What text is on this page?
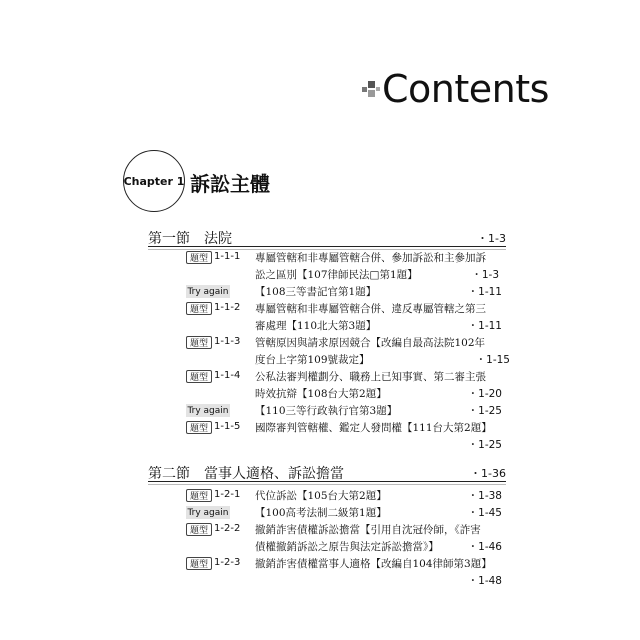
Contents
Chapter 1 訴訟主體
第一節　法院	・1-3
題型 1-1-1 專屬管轄和非專屬管轄合併、參加訴訟和主參加訴
訟之區別【107律師民法□第1題】	・1-3
Try again	【108三等書記官第1題】	・1-11
題型 1-1-2 專屬管轄和非專屬管轄合併、違反專屬管轄之第三
審處理【110北大第3題】	・1-11
題型 1-1-3 管轄原因與請求原因競合【改編自最高法院102年
度台上字第109號裁定】	・1-15
題型 1-1-4 公私法審判權劃分、職務上已知事實、第二審主張
時效抗辯【108台大第2題】	・1-20
Try again	【110三等行政執行官第3題】	・1-25
題型 1-1-5 國際審判管轄權、鑑定人發問權【111台大第2題】
・1-25
第二節　當事人適格、訴訟擔當	・1-36
題型 1-2-1 代位訴訟【105台大第2題】	・1-38
Try again	【100高考法制二級第1題】	・1-45
題型 1-2-2 撤銷詐害債權訴訟擔當【引用自沈冠伶師，《詐害
債權撤銷訴訟之原告與法定訴訟擔當》】	・1-46
題型 1-2-3 撤銷詐害債權當事人適格【改編自104律師第3題】
・1-48
